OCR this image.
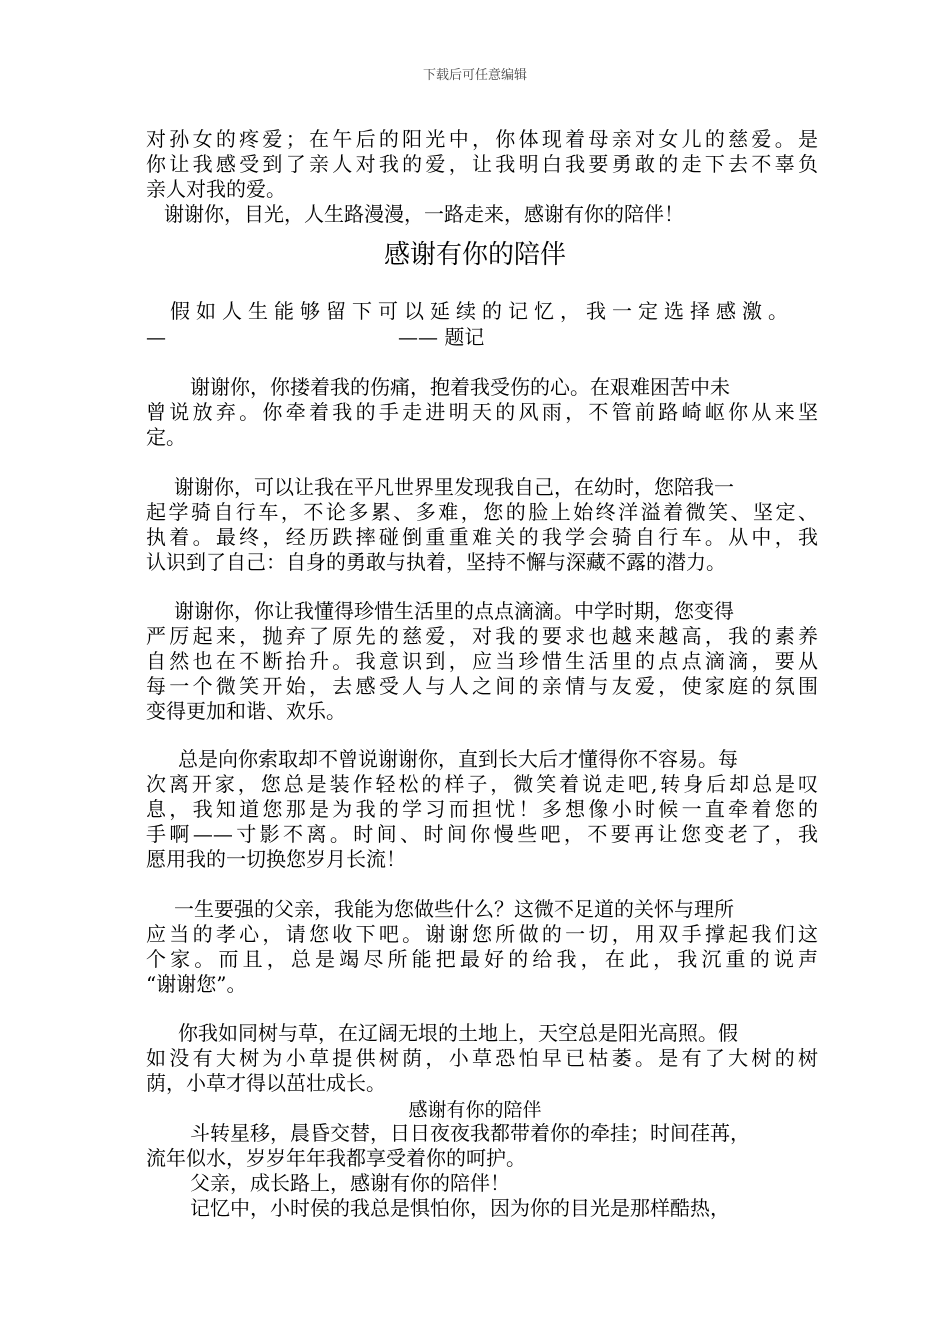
下载后可任意编辑
对孙女的疼爱；在午后的阳光中，你体现着母亲对女儿的慈爱。是
你让我感受到了亲人对我的爱，让我明白我要勇敢的走下去不辜负
亲人对我的爱。
谢谢你，目光，人生路漫漫，一路走来，感谢有你的陪伴！
感谢有你的陪伴
假如人生能够留下可以延续的记忆，我一定选择感激。
—	—— 题记
谢谢你，你搂着我的伤痛，抱着我受伤的心。在艰难困苦中未
曾说放弃。你牵着我的手走进明天的风雨，不管前路崎岖你从来坚
定。
谢谢你，可以让我在平凡世界里发现我自己，在幼时，您陪我一
起学骑自行车，不论多累、多难，您的脸上始终洋溢着微笑、坚定、
执着。最终，经历跌摔碰倒重重难关的我学会骑自行车。从中，我
认识到了自己：自身的勇敢与执着，坚持不懈与深藏不露的潜力。
谢谢你，你让我懂得珍惜生活里的点点滴滴。中学时期，您变得
严厉起来，抛弃了原先的慈爱，对我的要求也越来越高，我的素养
自然也在不断抬升。我意识到，应当珍惜生活里的点点滴滴，要从
每一个微笑开始，去感受人与人之间的亲情与友爱，使家庭的氛围
变得更加和谐、欢乐。
总是向你索取却不曾说谢谢你，直到长大后才懂得你不容易。每
次离开家，您总是装作轻松的样子，微笑着说走吧,转身后却总是叹
息，我知道您那是为我的学习而担忧！多想像小时候一直牵着您的
手啊——寸影不离。时间、时间你慢些吧，不要再让您变老了，我
愿用我的一切换您岁月长流！
一生要强的父亲，我能为您做些什么？这微不足道的关怀与理所
应当的孝心，请您收下吧。谢谢您所做的一切，用双手撑起我们这
个家。而且，总是竭尽所能把最好的给我，在此，我沉重的说声
“谢谢您”。
你我如同树与草，在辽阔无垠的土地上，天空总是阳光高照。假
如没有大树为小草提供树荫，小草恐怕早已枯萎。是有了大树的树
荫，小草才得以茁壮成长。
感谢有你的陪伴
斗转星移，晨昏交替，日日夜夜我都带着你的牵挂；时间荏苒，
流年似水，岁岁年年我都享受着你的呵护。
父亲，成长路上，感谢有你的陪伴！
记忆中，小时侯的我总是惧怕你，因为你的目光是那样酷热，
